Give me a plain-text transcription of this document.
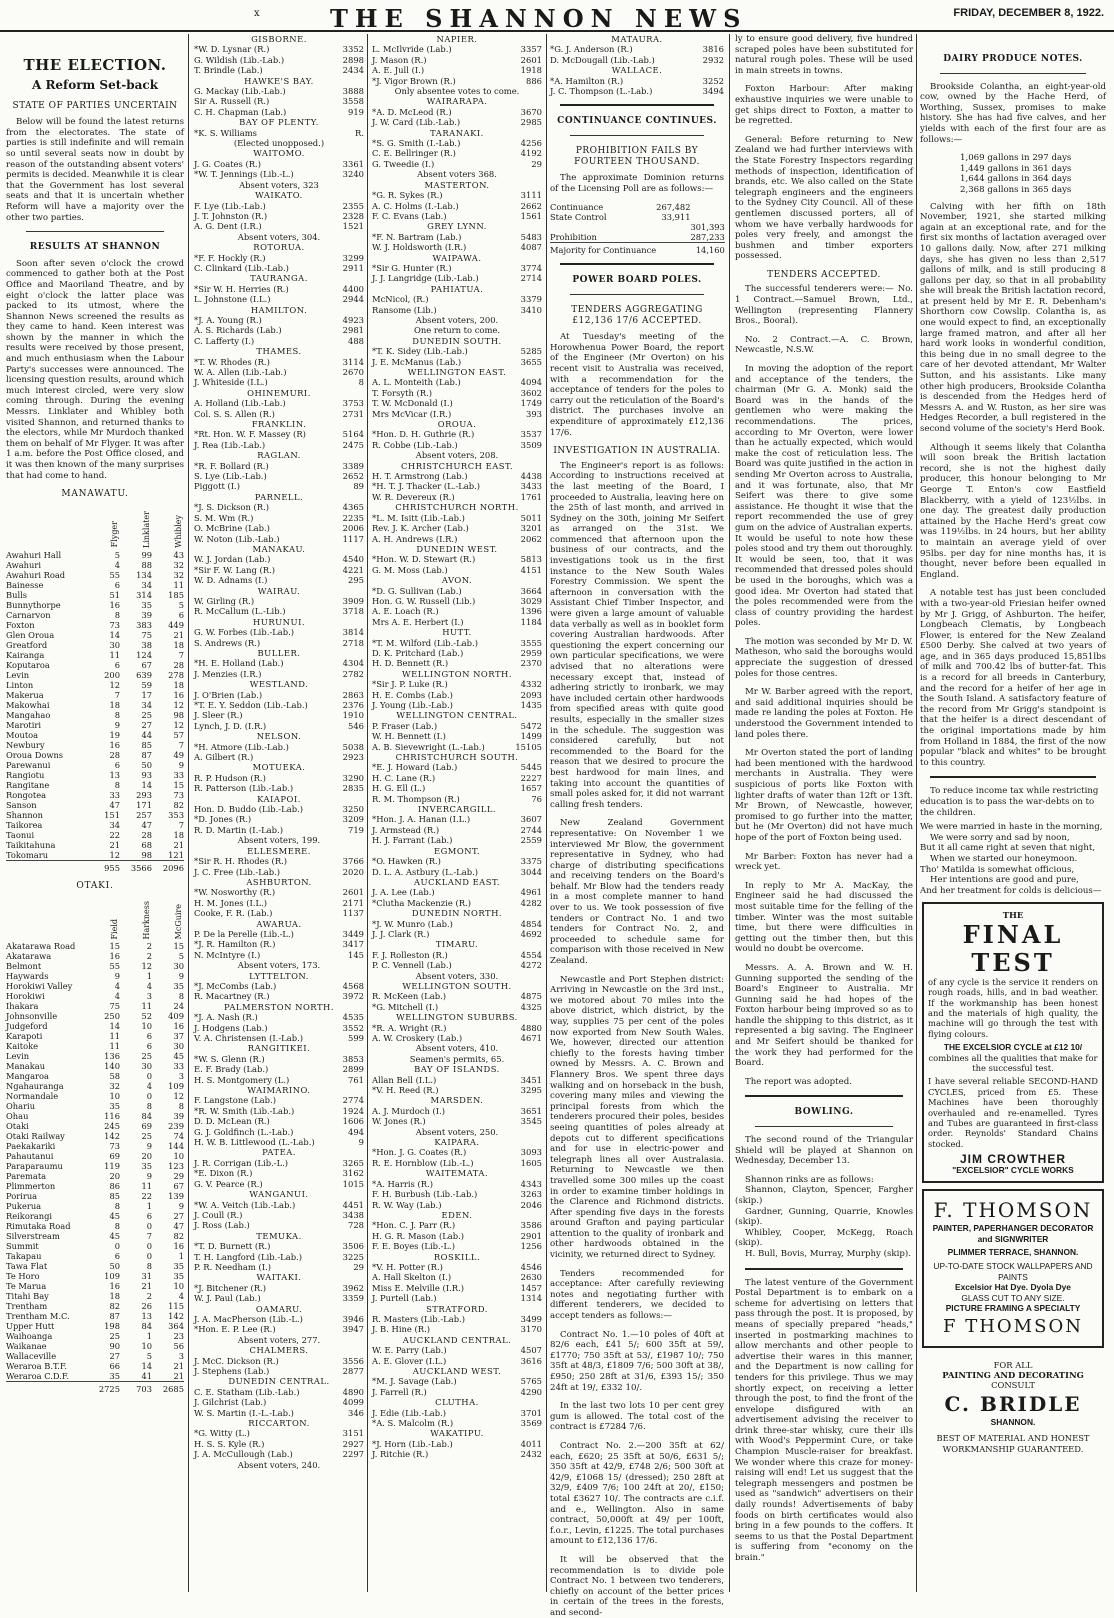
x	THE SHANNON NEWS	FRIDAY, DECEMBER 8, 1922.
THE ELECTION.
A Reform Set-back
STATE OF PARTIES UNCERTAIN

Below will be found the latest returns from the electorates. The state of parties is still indefinite and will remain so until several seats now in doubt by reason of the outstanding absent voters' permits is decided. Meanwhile it is clear that the Government has lost several seats and that it is uncertain whether Reform will have a majority over the other two parties.

RESULTS AT SHANNON

Soon after seven o'clock the crowd commenced to gather both at the Post Office and Maoriland Theatre, and by eight o'clock the latter place was packed to its utmost, where the Shannon News screened the results as they came to hand. Keen interest was shown by the manner in which the results were received by those present, and much enthusiasm when the Labour Party's successes were announced. The licensing question results, around which much interest circled, were very slow coming through. During the evening Messrs. Linklater and Whibley both visited Shannon, and returned thanks to the electors, while Mr Murdoch thanked them on behalf of Mr Flyger. It was after 1 a.m. before the Post Office closed, and it was then known of the many surprises that had come to hand.

MANAWATU.
	Flyger	Linklater	Whibley
Awahuri Hall	5	99	43
Awahuri	4	88	32
Awahuri Road	55	134	32
Bainesse	6	34	11
Bulls	51	314	185
Bunnythorpe	16	35	5
Carnarvon	8	39	6
Foxton	73	383	449
Glen Oroua	14	75	21
Greatford	30	38	18
Kairanga	11	124	7
Koputaroa	6	67	28
Levin	200	639	278
Linton	12	59	18
Makerua	7	17	16
Makowhai	18	34	12
Mangahao	8	25	98
Marotiri	9	27	12
Moutoa	19	44	57
Newbury	16	85	7
Oroua Downs	28	87	49
Parewanui	6	50	9
Rangiotu	13	93	33
Rangitane	8	14	15
Rongotea	33	293	73
Sanson	47	171	82
Shannon	151	257	353
Taikorea	34	47	7
Taonui	22	28	18
Taikitahuna	21	68	21
Tokomaru	12	98	121
	955	3566	2096
OTAKI.
	Field	Harkness	McGuire
Akatarawa Road	15	2	15
Akatarawa	16	2	5
Belmont	55	12	30
Haywards	9	1	9
Horokiwi Valley	4	4	35
Horokiwi	4	3	8
Ihakara	75	11	24
Johnsonville	250	52	409
Judgeford	14	10	16
Karapoti	11	6	37
Kaitoke	11	6	30
Levin	136	25	45
Manakau	140	30	33
Mangaroa	58	0	3
Ngahauranga	32	4	109
Normandale	10	0	12
Ohariu	35	8	8
Ohau	116	84	39
Otaki	245	69	239
Otaki Railway	142	25	74
Paekakariki	73	9	144
Pahautanui	69	20	10
Paraparaumu	119	35	123
Paremata	20	9	29
Plimmerton	86	11	67
Porirua	85	22	139
Pukerua	8	1	9
Reikorangi	45	6	27
Rimutaka Road	8	0	47
Silverstream	45	7	82
Summit	0	0	16
Takapau	6	0	1
Tawa Flat	50	8	35
Te Horo	109	31	35
Te Marua	16	21	10
Titahi Bay	18	2	4
Trentham	82	26	115
Trentham M.C.	87	13	142
Upper Hutt	198	84	364
Waihoanga	25	1	23
Waikanae	90	10	56
Wallaceville	27	5	3
Weraroa B.T.F.	66	14	21
Weraroa C.D.F.	35	41	21
	2725	703	2685
GISBORNE.
*W. D. Lysnar (R.)	3352
G. Wildish (Lib.-Lab.)	2898
T. Brindle (Lab.)	2434
HAWKE'S BAY.
G. Mackay (Lib.-Lab.)	3888
Sir A. Russell (R.)	3558
C. H. Chapman (Lab.)	919
BAY OF PLENTY.
*K. S. Williams	R.
(Elected unopposed.)
WAITOMO.
J. G. Coates (R.)	3361
*W. T. Jennings (Lib.-L.)	3240
Absent voters, 323
WAIKATO.
F. Lye (Lib.-Lab.)	2355
J. T. Johnston (R.)	2328
A. G. Dent (I.R.)	1521
Absent voters, 304.
ROTORUA.
*F. F. Hockly (R.)	3299
C. Clinkard (Lib.-Lab.)	2911
TAURANGA.
*Sir W. H. Herries (R.)	4400
L. Johnstone (I.L.)	2944
HAMILTON.
*J. A. Young (R.)	4923
A. S. Richards (Lab.)	2981
C. Lafferty (I.)	488
THAMES.
*T. W. Rhodes (R.)	3114
W. A. Allen (Lib.-Lab.)	2670
J. Whiteside (I.L.)	8
OHINEMURI.
A. Holland (Lib.-Lab.)	3753
Col. S. S. Allen (R.)	2731
FRANKLIN.
*Rt. Hon. W. F. Massey (R)	5164
J. Rea (Lib.-Lab.)	2475
RAGLAN.
*R. F. Bollard (R.)	3389
S. Lye (Lib.-Lab.)	2652
Piggott (I.)	89
PARNELL.
*J. S. Dickson (R.)	4365
S. M. Wm (R.)	2235
O. McBrine (Lab.)	2006
W. Noton (Lib.-Lab.)	1117
MANAKAU.
W. J. Jordan (Lab.)	4540
*Sir F. W. Lang (R.)	4221
W. D. Adnams (I.)	295
WAIRAU.
W. Girling (R.)	3909
R. McCallum (L.-Lib.)	3718
HURUNUI.
G. W. Forbes (Lib.-Lab.)	3814
S. Andrews (R.)	2718
BULLER.
*H. E. Holland (Lab.)	4304
J. Menzies (I.R.)	2782
WESTLAND.
J. O'Brien (Lab.)	2863
*T. E. Y. Seddon (Lib.-Lab.)	2376
J. Sleer (R.)	1910
Lynch, J. D. (I.R.)	546
NELSON.
*H. Atmore (Lib.-Lab.)	5038
A. Gilbert (R.)	2923
MOTUEKA.
R. P. Hudson (R.)	3290
R. Patterson (Lib.-Lab.)	2835
KAIAPOI.
Hon. D. Buddo (Lib.-Lab.)	3250
*D. Jones (R.)	3209
R. D. Martin (I.-Lab.)	719
Absent voters, 199.
ELLESMERE.
*Sir R. H. Rhodes (R.)	3766
J. C. Free (Lib.-Lab.)	2020
ASHBURTON.
*W. Nosworthy (R.)	2601
H. M. Jones (I.L.)	2171
Cooke, F. R. (Lab.)	1137
AWARUA.
P. De la Perelle (Lib.-L.)	3449
*J. R. Hamilton (R.)	3417
N. McIntyre (I.)	145
Absent voters, 173.
LYTTELTON.
*J. McCombs (Lab.)	4568
R. Macartney (R.)	3972
PALMERSTON NORTH.
*J. A. Nash (R.)	4535
J. Hodgens (Lab.)	3552
V. A. Christensen (I.-Lab.)	599
RANGITIKEI.
*W. S. Glenn (R.)	3853
E. F. Brady (Lab.)	2899
H. S. Montgomery (L.)	761
WAIMARINO.
F. Langstone (Lab.)	2774
*R. W. Smith (Lib.-Lab.)	1924
D. D. McLean (R.)	1606
G. J. Goldfinch (L.-Lab.)	494
H. W. B. Littlewood (L.-Lab.)	9
PATEA.
J. R. Corrigan (Lib.-L.)	3265
*E. Dixon (R.)	3162
G. V. Pearce (R.)	1015
WANGANUI.
*W. A. Veitch (Lib.-Lab.)	4451
J. Coull (R.)	3438
J. Ross (Lab.)	728
TEMUKA.
*T. D. Burnett (R.)	3506
T. H. Langford (Lib.-Lab.)	3225
P. R. Needham (I.)	29
WAITAKI.
*J. Bitchener (R.)	3962
W. J. Paul (Lab.)	3359
OAMARU.
J. A. MacPherson (Lib.-L.)	3946
*Hon. E. P. Lee (R.)	3947
Absent voters, 277.
CHALMERS.
J. McC. Dickson (R.)	3556
J. Stephens (Lab.)	2877
DUNEDIN CENTRAL.
C. E. Statham (Lib.-Lab.)	4890
J. Gilchrist (Lab.)	4099
W. S. Martin (I.-L.-Lab.)	346
RICCARTON.
*G. Witty (L.)	3151
H. S. S. Kyle (R.)	2927
J. A. McCullough (Lab.)	2297
Absent voters, 240.
NAPIER.
L. McIlvride (Lab.)	3357
J. Mason (R.)	2601
A. E. Jull (I.)	1918
*J. Vigor Brown (R.)	886
Only absentee votes to come.
WAIRARAPA.
*A. D. McLeod (R.)	3670
J. W. Card (Lib.-Lab.)	2985
TARANAKI.
*S. G. Smith (I.-Lab.)	4256
C. E. Bellringer (R.)	4192
G. Tweedie (I.)	29
Absent voters 368.
MASTERTON.
*G. R. Sykes (R.)	3111
A. C. Holms (I.-Lab.)	2662
F. C. Evans (Lab.)	1561
GREY LYNN.
*F. N. Bartram (Lab.)	5483
W. J. Holdsworth (I.R.)	4087
WAIPAWA.
*Sir G. Hunter (R.)	3774
J. J. Langridge (Lib.-Lab.)	2714
PAHIATUA.
McNicol, (R.)	3379
Ransome (Lib.)	3410
Absent voters, 200.
One return to come.
DUNEDIN SOUTH.
*T. K. Sidey (Lib.-Lab.)	5285
J. E. McManus (Lab.)	3655
WELLINGTON EAST.
A. L. Monteith (Lab.)	4094
T. Forsyth (R.)	3602
T. W. McDonald (I.)	1749
Mrs McVicar (I.R.)	393
OROUA.
*Hon. D. H. Guthrie (R.)	3537
R. Cobbe (Lib.-Lab.)	3509
Absent voters, 208.
CHRISTCHURCH EAST.
H. T. Armstrong (Lab.)	4438
*H. T. J. Thacker (L.-Lab.)	3433
W. R. Devereux (R.)	1761
CHRISTCHURCH NORTH.
*L. M. Isitt (Lib.-Lab.)	5011
Rev. J. K. Archer (Lab.)	3201
A. H. Andrews (I.R.)	2062
DUNEDIN WEST.
*Hon. W. D. Stewart (R.)	5813
G. M. Moss (Lab.)	4151
AVON.
*D. G. Sullivan (Lab.)	3664
Hon. G. W. Russell (Lib.)	3029
A. E. Loach (R.)	1396
Mrs A. E. Herbert (I.)	1184
HUTT.
*T. M. Wilford (Lib.-Lab.)	3555
D. K. Pritchard (Lab.)	2959
H. D. Bennett (R.)	2370
WELLINGTON NORTH.
*Sir J. P. Luke (R.)	4332
H. E. Combs (Lab.)	2093
J. Young (Lib.-Lab.)	1435
WELLINGTON CENTRAL.
P. Fraser (Lab.)	5472
W. H. Bennett (I.)	1499
A. B. Sievewright (L.-Lab.)	15105
CHRISTCHURCH SOUTH.
*E. J. Howard (Lab.)	5445
H. C. Lane (R.)	2227
H. G. Ell (L.)	1657
R. M. Thompson (R.)	76
INVERCARGILL.
*Hon. J. A. Hanan (I.L.)	3607
J. Armstead (R.)	2744
H. J. Farrant (Lab.)	2559
EGMONT.
*O. Hawken (R.)	3375
D. L. A. Astbury (L.-Lab.)	3044
AUCKLAND EAST.
J. A. Lee (Lab.)	4961
*Clutha Mackenzie (R.)	4282
DUNEDIN NORTH.
*J. W. Munro (Lab.)	4854
J. J. Clark (R.)	4692
TIMARU.
F. J. Rolleston (R.)	4554
P. C. Vennell (Lab.)	4272
Absent voters, 330.
WELLINGTON SOUTH.
R. McKeen (Lab.)	4875
*G. Mitchell (I.)	4325
WELLINGTON SUBURBS.
*R. A. Wright (R.)	4880
A. W. Croskery (Lab.)	4671
Absent voters, 410.
Seamen's permits, 65.
BAY OF ISLANDS.
Allan Bell (I.L.)	3451
*V. H. Reed (R.)	3295
MARSDEN.
A. J. Murdoch (I.)	3651
W. Jones (R.)	3545
Absent voters, 250.
KAIPARA.
*Hon. J. G. Coates (R.)	3093
R. E. Hornblow (Lib.-L.)	1605
WAITEMATA.
*A. Harris (R.)	4343
F. H. Burbush (Lib.-Lab.)	3263
R. W. Way (Lab.)	2046
EDEN.
*Hon. C. J. Parr (R.)	3586
H. G. R. Mason (Lab.)	2901
F. E. Boyes (Lib.-L.)	1256
ROSKILL.
*V. H. Potter (R.)	4546
A. Hall Skelton (I.)	2630
Miss E. Melville (I.R.)	1457
J. Purtell (Lab.)	1314
STRATFORD.
R. Masters (Lib.-Lab.)	3499
J. B. Hine (R.)	3170
AUCKLAND CENTRAL.
W. E. Parry (Lab.)	4507
A. E. Glover (I.L.)	3616
AUCKLAND WEST.
*M. J. Savage (Lab.)	5765
J. Farrell (R.)	4290
CLUTHA.
J. Edie (Lib.-Lab.)	3701
*A. S. Malcolm (R.)	3569
WAKATIPU.
*J. Horn (Lib.-Lab.)	4011
J. Ritchie (R.)	2432
MATAURA.
*G. J. Anderson (R.)	3816
D. McDougall (Lib.-Lab.)	2932
WALLACE.
*A. Hamilton (R.)	3252
J. C. Thompson (L.-Lab.)	3494
CONTINUANCE CONTINUES.
PROHIBITION FAILS BY FOURTEEN THOUSAND.

The approximate Dominion returns of the Licensing Poll are as follows:—

Continuance	267,482	
State Control	33,911	
		301,393
Prohibition		287,233
Majority for Continuance		14,160
POWER BOARD POLES.
TENDERS AGGREGATING £12,136 17/6 ACCEPTED.

At Tuesday's meeting of the Horowhenua Power Board, the report of the Engineer (Mr Overton) on his recent visit to Australia was received, with a recommendation for the acceptance of tenders for the poles to carry out the reticulation of the Board's district. The purchases involve an expenditure of approximately £12,136 17/6.

INVESTIGATION IN AUSTRALIA.

The Engineer's report is as follows: According to instructions received at the last meeting of the Board, I proceeded to Australia, leaving here on the 25th of last month, and arrived in Sydney on the 30th, joining Mr Seifert as arranged on the 31st. We commenced that afternoon upon the business of our contracts, and the investigations took us in the first instance to the New South Wales Forestry Commission. We spent the afternoon in conversation with the Assistant Chief Timber Inspector, and were given a large amount of valuable data verbally as well as in booklet form covering Australian hardwoods. After questioning the expert concerning our own particular specifications, we were advised that no alterations were necessary except that, instead of adhering strictly to ironbark, we may have included certain other hardwoods from specified areas with quite good results, especially in the smaller sizes in the schedule. The suggestion was considered carefully, but not recommended to the Board for the reason that we desired to procure the best hardwood for main lines, and taking into account the quantities of small poles asked for, it did not warrant calling fresh tenders.

New Zealand Government representative: On November 1 we interviewed Mr Blow, the government representative in Sydney, who had charge of distributing specifications and receiving tenders on the Board's behalf. Mr Blow had the tenders ready in a most complete manner to hand over to us. We took possession of five tenders or Contract No. 1 and two tenders for Contract No. 2, and proceeded to schedule same for comparison with those received in New Zealand.

Newcastle and Port Stephen district: Arriving in Newcastle on the 3rd inst., we motored about 70 miles into the above district, which district, by the way, supplies 75 per cent of the poles now exported from New South Wales. We, however, directed our attention chiefly to the forests having timber owned by Messrs. A. C. Brown and Flannery Bros. We spent three days walking and on horseback in the bush, covering many miles and viewing the principal forests from which the tenderers procured their poles, besides seeing quantities of poles already at depots cut to different specifications and for use in electric-power and telegraph lines all over Australasia. Returning to Newcastle we then travelled some 300 miles up the coast in order to examine timber holdings in the Clarence and Richmond districts. After spending five days in the forests around Grafton and paying particular attention to the quality of ironbark and other hardwoods obtained in the vicinity, we returned direct to Sydney.

Tenders recommended for acceptance: After carefully reviewing notes and negotiating further with different tenderers, we decided to accept tenders as follows:—

Contract No. 1.—10 poles of 40ft at 82/6 each, £41 5/; 600 35ft at 59/, £1770; 750 35ft at 53/, £1987 10/; 750 35ft at 48/3, £1809 7/6; 500 30ft at 38/, £950; 250 28ft at 31/6, £393 15/; 350 24ft at 19/, £332 10/.

In the last two lots 10 per cent grey gum is allowed. The total cost of the contract is £7284 7/6.

Contract No. 2.—200 35ft at 62/ each, £620; 25 35ft at 50/6, £631 5/; 350 35ft at 42/9, £748 2/6; 500 30ft at 42/9, £1068 15/ (dressed); 250 28ft at 32/9, £409 7/6; 100 24ft at 20/, £150; total £3627 10/. The contracts are c.i.f. and e., Wellington. Also in same contract, 50,000ft at 49/ per 100ft, f.o.r., Levin, £1225. The total purchases amount to £12,136 17/6.

It will be observed that the recommendation is to divide pole Contract No. 1 between two tenderers, chiefly on account of the better prices in certain of the trees in the forests, and second-

ly to ensure good delivery, five hundred scraped poles have been substituted for natural rough poles. These will be used in main streets in towns.

Foxton Harbour: After making exhaustive inquiries we were unable to get ships direct to Foxton, a matter to be regretted.

General: Before returning to New Zealand we had further interviews with the State Forestry Inspectors regarding methods of inspection, identification of brands, etc. We also called on the State telegraph engineers and the engineers to the Sydney City Council. All of these gentlemen discussed porters, all of whom we have verbally hardwoods for poles very freely, and amongst the bushmen and timber exporters possessed.

TENDERS ACCEPTED.

The successful tenderers were:— No. 1 Contract.—Samuel Brown, Ltd., Wellington (representing Flannery Bros., Booral).

No. 2 Contract.—A. C. Brown, Newcastle, N.S.W.

In moving the adoption of the report and acceptance of the tenders, the chairman (Mr G. A. Monk) said the Board was in the hands of the gentlemen who were making the recommendations. The prices, according to Mr Overton, were lower than he actually expected, which would make the cost of reticulation less. The Board was quite justified in the action in sending Mr Overton across to Australia, and it was fortunate, also, that Mr Seifert was there to give some assistance. He thought it wise that the report recommended the use of grey gum on the advice of Australian experts. It would be useful to note how these poles stood and try them out thoroughly. It would be seen, too, that it was recommended that dressed poles should be used in the boroughs, which was a good idea. Mr Overton had stated that the poles recommended were from the class of country providing the hardest poles.

The motion was seconded by Mr D. W. Matheson, who said the boroughs would appreciate the suggestion of dressed poles for those centres.

Mr W. Barber agreed with the report, and said additional inquiries should be made re landing the poles at Foxton. He understood the Government intended to land poles there.

Mr Overton stated the port of landing had been mentioned with the hardwood merchants in Australia. They were suspicious of ports like Foxton with lighter drafts of water than 12ft or 13ft. Mr Brown, of Newcastle, however, promised to go further into the matter, but he (Mr Overton) did not have much hope of the port of Foxton being used.

Mr Barber: Foxton has never had a wreck yet.

In reply to Mr A. MacKay, the Engineer said he had discussed the most suitable time for the felling of the timber. Winter was the most suitable time, but there were difficulties in getting out the timber then, but this would no doubt be overcome.

Messrs. A. A. Brown and W. H. Gunning supported the sending of the Board's Engineer to Australia. Mr Gunning said he had hopes of the Foxton harbour being improved so as to handle the shipping to this district, as it represented a big saving. The Engineer and Mr Seifert should be thanked for the work they had performed for the Board.

The report was adopted.

BOWLING.

The second round of the Triangular Shield will be played at Shannon on Wednesday, December 13.

Shannon rinks are as follows:

Shannon, Clayton, Spencer, Fargher (skip.)

Gardner, Gunning, Quarrie, Knowles (skip).

Whibley, Cooper, McKegg, Roach (skip).

H. Bull, Bovis, Murray, Murphy (skip).

The latest venture of the Government Postal Department is to embark on a scheme for advertising on letters that pass through the post. It is proposed, by means of specially prepared "heads," inserted in postmarking machines to allow merchants and other people to advertise their wares in this manner, and the Department is now calling for tenders for this privilege. Thus we may shortly expect, on receiving a letter through the post, to find the front of the envelope disfigured with an advertisement advising the receiver to drink three-star whisky, cure their ills with Wood's Peppermint Cure, or take Champion Muscle-raiser for breakfast. We wonder where this craze for money-raising will end! Let us suggest that the telegraph messengers and postmen be used as "sandwich" advertisers on their daily rounds! Advertisements of baby foods on birth certificates would also bring in a few pounds to the coffers. It seems to us that the Postal Department is suffering from "economy on the brain."

DAIRY PRODUCE NOTES.

Brookside Colantha, an eight-year-old cow, owned by the Hache Herd, of Worthing, Sussex, promises to make history. She has had five calves, and her yields with each of the first four are as follows:—

1,069 gallons in 297 days
1,449 gallons in 361 days
1,644 gallons in 364 days
2,368 gallons in 365 days

Calving with her fifth on 18th November, 1921, she started milking again at an exceptional rate, and for the first six months of lactation averaged over 10 gallons daily. Now, after 271 milking days, she has given no less than 2,517 gallons of milk, and is still producing 8 gallons per day, so that in all probability she will break the British lactation record, at present held by Mr E. R. Debenham's Shorthorn cow Cowslip. Colantha is, as one would expect to find, an exceptionally large framed matron, and after all her hard work looks in wonderful condition, this being due in no small degree to the care of her devoted attendant, Mr Walter Sutton, and his assistants. Like many other high producers, Brookside Colantha is descended from the Hedges herd of Messrs A. and W. Ruston, as her sire was Hedges Recorder, a bull registered in the second volume of the society's Herd Book.

Although it seems likely that Colantha will soon break the British lactation record, she is not the highest daily producer, this honour belonging to Mr George T. Enton's cow Eastfield Blackberry, with a yield of 123½lbs. in one day. The greatest daily production attained by the Hache Herd's great cow was 119½lbs. in 24 hours, but her ability to maintain an average yield of over 95lbs. per day for nine months has, it is thought, never before been equalled in England.

A notable test has just been concluded with a two-year-old Friesian heifer owned by Mr J. Grigg, of Ashburton. The heifer, Longbeach Clematis, by Longbeach Flower, is entered for the New Zealand £500 Derby. She calved at two years of age, and in 365 days produced 15,851lbs of milk and 700.42 lbs of butter-fat. This is a record for all breeds in Canterbury, and the record for a heifer of her age in the South Island. A satisfactory feature of the record from Mr Grigg's standpoint is that the heifer is a direct descendant of the original importations made by him from Holland in 1884, the first of the now popular "black and whites" to be brought to this country.

To reduce income tax while restricting education is to pass the war-debts on to the children.
We were married in haste in the morning,
We were sorry and sad by noon,
But it all came right at seven that night,
When we started our honeymoon.
Tho' Matilda is somewhat officious,
Her intentions are good and pure,
And her treatment for colds is delicious—
THE
FINAL TEST
of any cycle is the service it renders on rough roads, hills, and in bad weather. If the workmanship has been honest and the materials of high quality, the machine will go through the test with flying colours.
THE EXCELSIOR CYCLE at £12 10/
combines all the qualities that make for the successful test.
I have several reliable SECOND-HAND CYCLES, priced from £5. These Machines have been thoroughly overhauled and re-enamelled. Tyres and Tubes are guaranteed in first-class order. Reynolds' Standard Chains stocked.
JIM CROWTHER
"EXCELSIOR" CYCLE WORKS
F. THOMSON
PAINTER, PAPERHANGER DECORATOR and SIGNWRITER
PLIMMER TERRACE, SHANNON.
UP-TO-DATE STOCK WALLPAPERS AND PAINTS
Excelsior Hat Dye. Dyola Dye
GLASS CUT TO ANY SIZE.
PICTURE FRAMING A SPECIALTY
F THOMSON
FOR ALL
PAINTING AND DECORATING
CONSULT
C. BRIDLE
SHANNON.
BEST OF MATERIAL AND HONEST WORKMANSHIP GUARANTEED.
